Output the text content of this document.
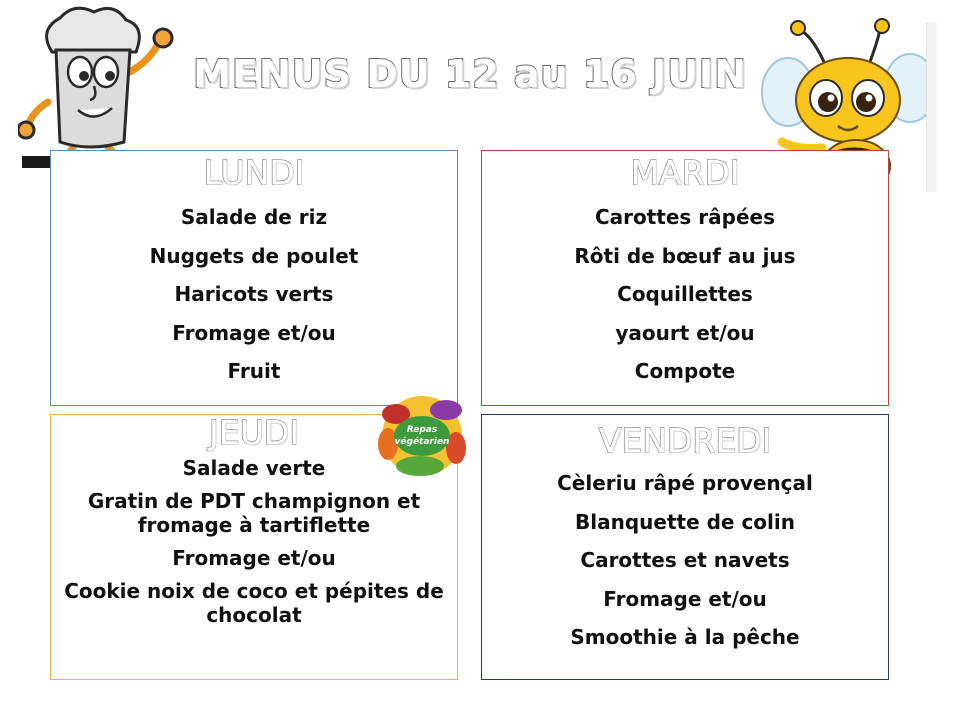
MENUS DU 12 au 16 JUIN
LUNDI
Salade de riz
Nuggets de poulet
Haricots verts
Fromage et/ou
Fruit
MARDI
Carottes râpées
Rôti de bœuf au jus
Coquillettes
yaourt et/ou
Compote
JEUDI
Salade verte
Gratin de PDT champignon et fromage à tartiflette
Fromage et/ou
Cookie noix de coco et pépites de chocolat
VENDREDI
Cèleriu râpé provençal
Blanquette de colin
Carottes et navets
Fromage et/ou
Smoothie à la pêche
Repas
végétarien
